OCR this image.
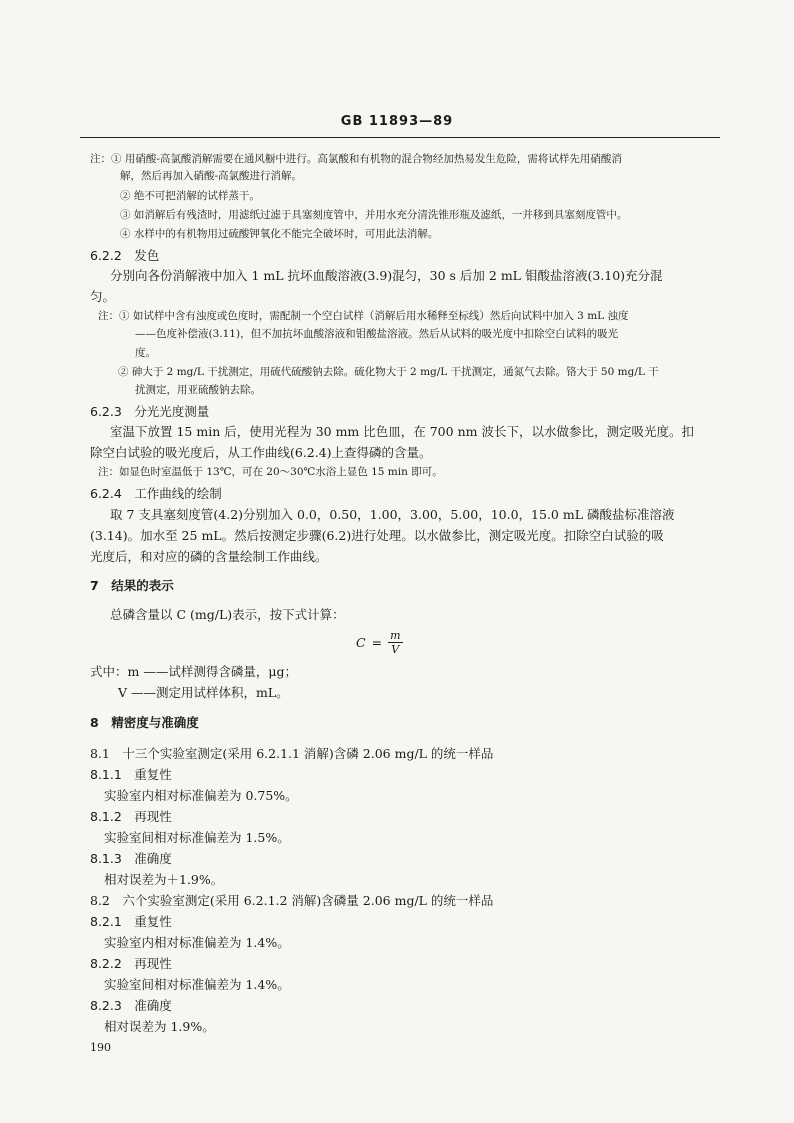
GB 11893—89
注：① 用硝酸-高氯酸消解需要在通风橱中进行。高氯酸和有机物的混合物经加热易发生危险，需将试样先用硝酸消
解，然后再加入硝酸-高氯酸进行消解。
② 绝不可把消解的试样蒸干。
③ 如消解后有残渣时，用滤纸过滤于具塞刻度管中，并用水充分清洗锥形瓶及滤纸，一并移到具塞刻度管中。
④ 水样中的有机物用过硫酸钾氧化不能完全破坏时，可用此法消解。
6.2.2　发色
分别向各份消解液中加入 1 mL 抗坏血酸溶液(3.9)混匀，30 s 后加 2 mL 钼酸盐溶液(3.10)充分混
匀。
注：① 如试样中含有浊度或色度时，需配制一个空白试样（消解后用水稀释至标线）然后向试料中加入 3 mL 浊度
——色度补偿液(3.11)，但不加抗坏血酸溶液和钼酸盐溶液。然后从试料的吸光度中扣除空白试料的吸光
度。
② 砷大于 2 mg/L 干扰测定，用硫代硫酸钠去除。硫化物大于 2 mg/L 干扰测定，通氮气去除。铬大于 50 mg/L 干
扰测定，用亚硫酸钠去除。
6.2.3　分光光度测量
室温下放置 15 min 后，使用光程为 30 mm 比色皿，在 700 nm 波长下，以水做参比，测定吸光度。扣
除空白试验的吸光度后，从工作曲线(6.2.4)上查得磷的含量。
注：如显色时室温低于 13℃，可在 20～30℃水浴上显色 15 min 即可。
6.2.4　工作曲线的绘制
取 7 支具塞刻度管(4.2)分别加入 0.0，0.50，1.00，3.00，5.00，10.0，15.0 mL 磷酸盐标准溶液
(3.14)。加水至 25 mL。然后按测定步骤(6.2)进行处理。以水做参比，测定吸光度。扣除空白试验的吸
光度后，和对应的磷的含量绘制工作曲线。
7　结果的表示
总磷含量以 C (mg/L)表示，按下式计算：
式中：m ——试样测得含磷量，μg；
V ——测定用试样体积，mL。
8　精密度与准确度
8.1　十三个实验室测定(采用 6.2.1.1 消解)含磷 2.06 mg/L 的统一样品
8.1.1　重复性
实验室内相对标准偏差为 0.75%。
8.1.2　再现性
实验室间相对标准偏差为 1.5%。
8.1.3　准确度
相对误差为＋1.9%。
8.2　六个实验室测定(采用 6.2.1.2 消解)含磷量 2.06 mg/L 的统一样品
8.2.1　重复性
实验室内相对标准偏差为 1.4%。
8.2.2　再现性
实验室间相对标准偏差为 1.4%。
8.2.3　准确度
相对误差为 1.9%。
$C = \frac{m}{V}$
190
